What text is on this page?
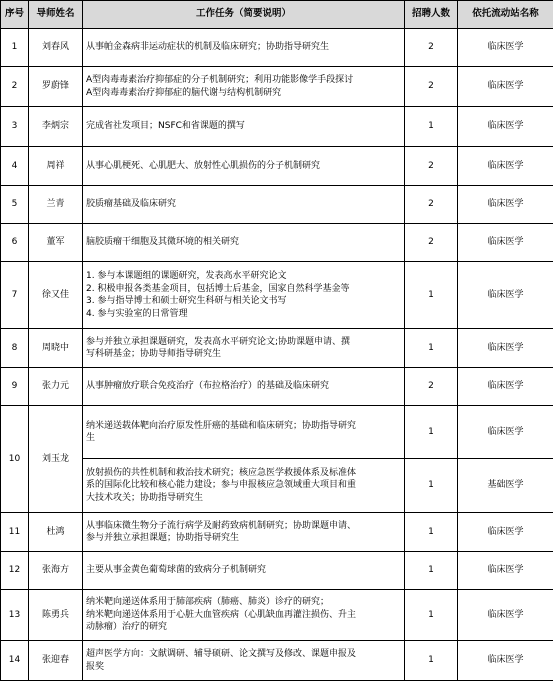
序号	导师姓名	工作任务（简要说明）	招聘人数	依托流动站名称
1	刘春风	从事帕金森病非运动症状的机制及临床研究；协助指导研究生	2	临床医学
2	罗蔚锋	A型肉毒毒素治疗抑郁症的分子机制研究；利用功能影像学手段探讨
A型肉毒毒素治疗抑郁症的脑代谢与结构机制研究	2	临床医学
3	李炳宗	完成省社发项目；NSFC和省课题的撰写	1	临床医学
4	周祥	从事心肌梗死、心肌肥大、放射性心肌损伤的分子机制研究	2	临床医学
5	兰青	胶质瘤基础及临床研究	2	临床医学
6	董军	脑胶质瘤干细胞及其微环境的相关研究	2	临床医学
7	徐又佳	1. 参与本课题组的课题研究，发表高水平研究论文
2. 积极申报各类基金项目，包括博士后基金，国家自然科学基金等
3. 参与指导博士和硕士研究生科研与相关论文书写
4. 参与实验室的日常管理	1	临床医学
8	周晓中	参与并独立承担课题研究，发表高水平研究论文;协助课题申请、撰
写科研基金；协助导师指导研究生	1	临床医学
9	张力元	从事肿瘤放疗联合免疫治疗（布拉格治疗）的基础及临床研究	2	临床医学
10	刘玉龙	纳米递送载体靶向治疗原发性肝癌的基础和临床研究；协助指导研究
生	1	临床医学

		放射损伤的共性机制和救治技术研究；核应急医学救援体系及标准体
系的国际化比较和核心能力建设；参与申报核应急领域重大项目和重
大技术攻关；协助指导研究生	1	基础医学
11	杜鸿	从事临床微生物分子流行病学及耐药致病机制研究；协助课题申请、
参与并独立承担课题；协助指导研究生	1	临床医学
12	张海方	主要从事金黄色葡萄球菌的致病分子机制研究	1	临床医学
13	陈勇兵	纳米靶向递送体系用于肺部疾病（肺癌、肺炎）诊疗的研究；
纳米靶向递送体系用于心脏大血管疾病（心肌缺血再灌注损伤、升主
动脉瘤）治疗的研究	1	临床医学
14	张迎春	超声医学方向：文献调研、辅导硕研、论文撰写及修改、课题申报及
报奖	1	临床医学
